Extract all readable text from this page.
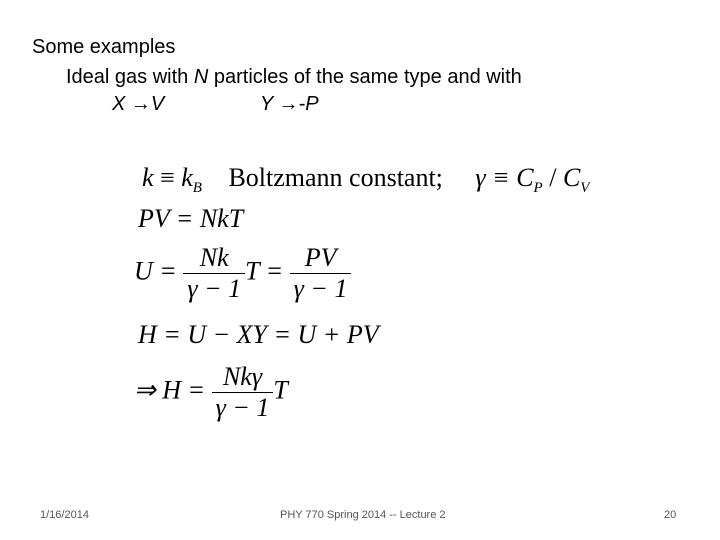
Some examples
Ideal gas with N particles of the same type and with
X →V	Y →-P
$k \equiv k_B$ Boltzmann constant; $\gamma \equiv C_P / C_V$
PV = NkT
$U = \frac{Nk}{\gamma - 1}$ $T = \frac{PV}{\gamma - 1}$
H = U − XY = U + PV
⇒ $H = \frac{\text{Nkγ}}{\gamma - 1}$ T
1/16/2014	PHY 770 Spring 2014 -- Lecture 2	20
